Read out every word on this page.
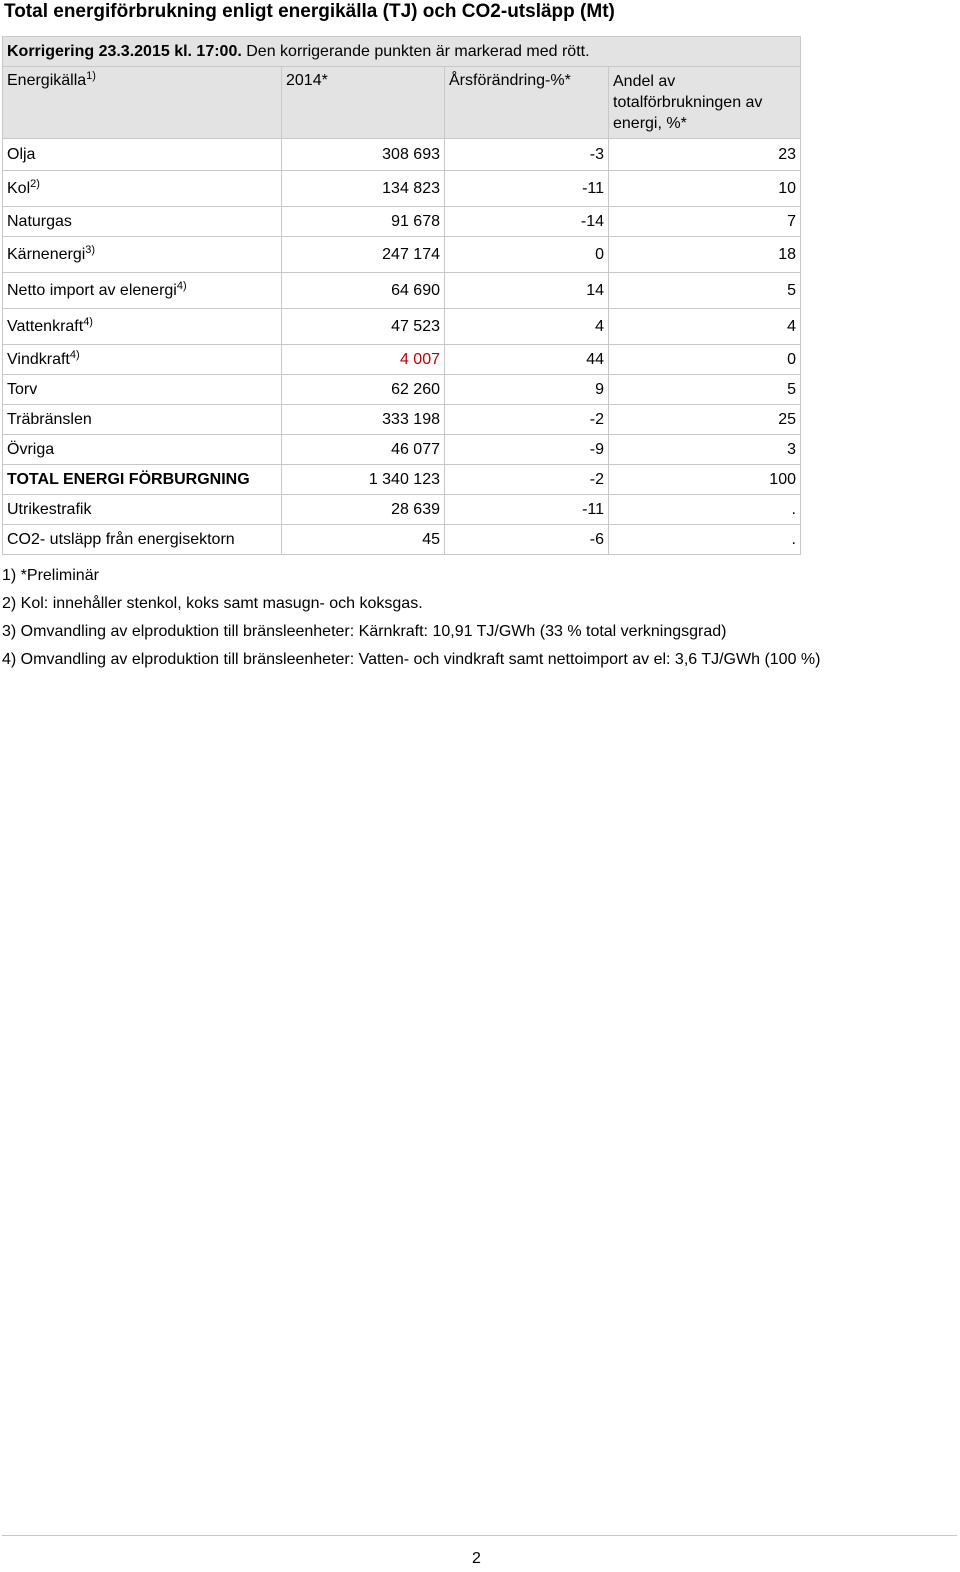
Total energiförbrukning enligt energikälla (TJ) och CO2-utsläpp (Mt)
Korrigering 23.3.2015 kl. 17:00. Den korrigerande punkten är markerad med rött.			
Energikälla$^{1)}$	2014*	Årsförändring-%*	Andel av totalförbrukningen av energi, %*
Olja	308 693	-3	23
Kol$^{2)}$	134 823	-11	10
Naturgas	91 678	-14	7
Kärnenergi$^{3)}$	247 174	0	18
Netto import av elenergi$^{4)}$	64 690	14	5
Vattenkraft$^{4)}$	47 523	4	4
Vindkraft$^{4)}$	4 007	44	0
Torv	62 260	9	5
Träbränslen	333 198	-2	25
Övriga	46 077	-9	3
TOTAL ENERGI FÖRBURGNING	1 340 123	-2	100
Utrikestrafik	28 639	-11	.
CO2- utsläpp från energisektorn	45	-6	.
1) *Preliminär
2) Kol: innehåller stenkol, koks samt masugn- och koksgas.
3) Omvandling av elproduktion till bränsleenheter: Kärnkraft: 10,91 TJ/GWh (33 % total verkningsgrad)
4) Omvandling av elproduktion till bränsleenheter: Vatten- och vindkraft samt nettoimport av el: 3,6 TJ/GWh (100 %)
2
